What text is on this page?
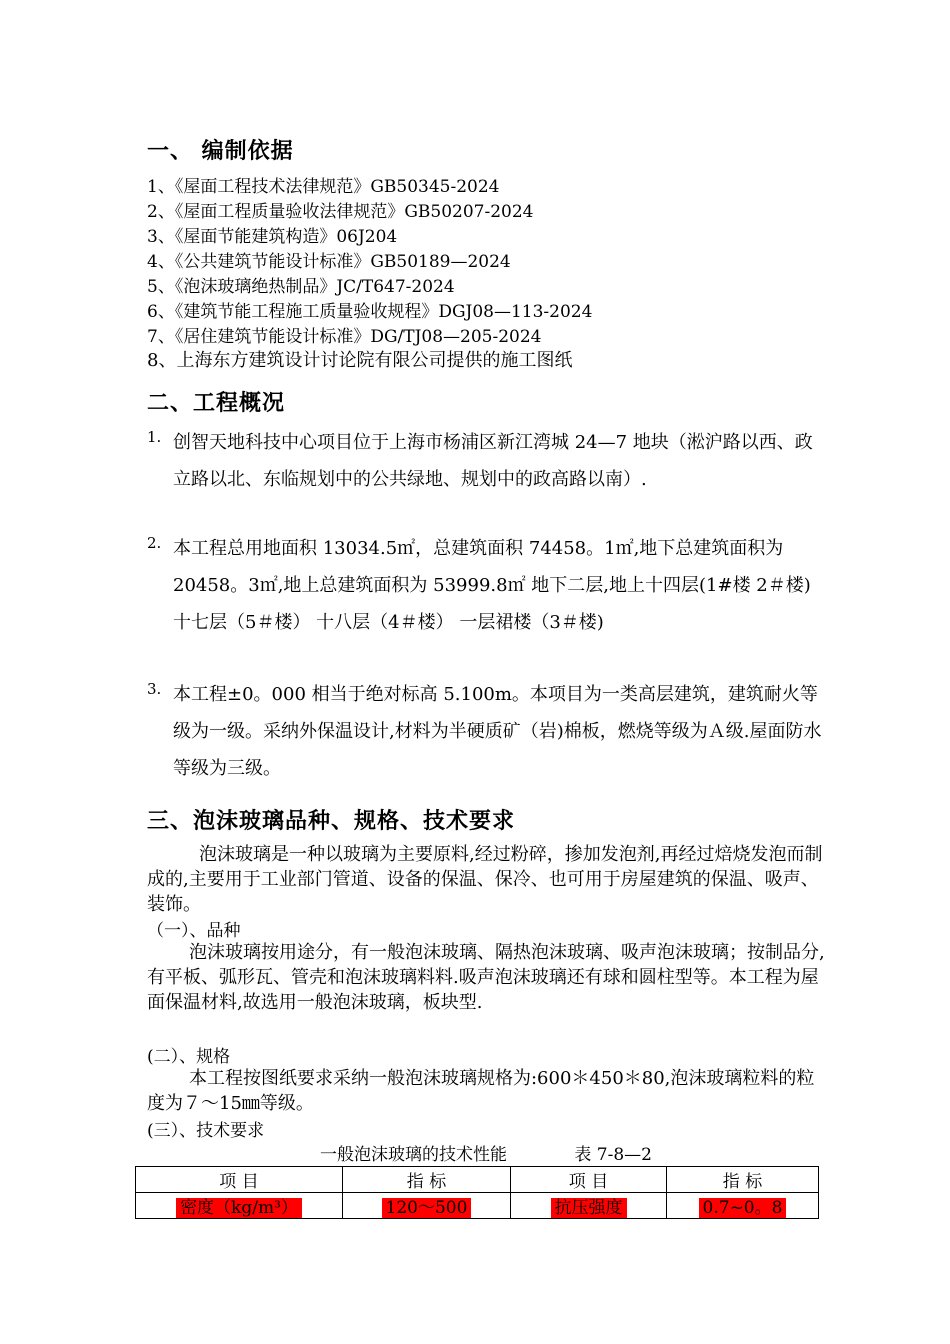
一、 编制依据
1、《屋面工程技术法律规范》GB50345-2024
2、《屋面工程质量验收法律规范》GB50207-2024
3、《屋面节能建筑构造》06J204
4、《公共建筑节能设计标准》GB50189—2024
5、《泡沫玻璃绝热制品》JC/T647-2024
6、《建筑节能工程施工质量验收规程》DGJ08—113-2024
7、《居住建筑节能设计标准》DG/TJ08—205-2024
8、上海东方建筑设计讨论院有限公司提供的施工图纸
二、工程概况
1. 创智天地科技中心项目位于上海市杨浦区新江湾城 24—7 地块（淞沪路以西、政立路以北、东临规划中的公共绿地、规划中的政高路以南）.
2. 本工程总用地面积 13034.5㎡，总建筑面积 74458。1㎡,地下总建筑面积为 20458。3㎡,地上总建筑面积为 53999.8㎡ 地下二层,地上十四层(1#楼 2＃楼) 十七层（5＃楼） 十八层（4＃楼） 一层裙楼（3＃楼)
3. 本工程±0。000 相当于绝对标高 5.100m。本项目为一类高层建筑，建筑耐火等级为一级。采纳外保温设计,材料为半硬质矿（岩)棉板，燃烧等级为Ａ级.屋面防水等级为三级。
三、泡沫玻璃品种、规格、技术要求
泡沫玻璃是一种以玻璃为主要原料,经过粉碎，掺加发泡剂,再经过焙烧发泡而制成的,主要用于工业部门管道、设备的保温、保冷、也可用于房屋建筑的保温、吸声、装饰。
（一）、品种
泡沫玻璃按用途分，有一般泡沫玻璃、隔热泡沫玻璃、吸声泡沫玻璃；按制品分,有平板、弧形瓦、管壳和泡沫玻璃料料.吸声泡沫玻璃还有球和圆柱型等。本工程为屋面保温材料,故选用一般泡沫玻璃，板块型.
(二）、规格
本工程按图纸要求采纳一般泡沫玻璃规格为:600＊450＊80,泡沫玻璃粒料的粒度为７～15㎜等级。
(三）、技术要求
一般泡沫玻璃的技术性能	表 7-8—2
项 目	指 标	项 目	指 标
密度（kg/m³）	120～500	抗压强度	0.7~0。8
